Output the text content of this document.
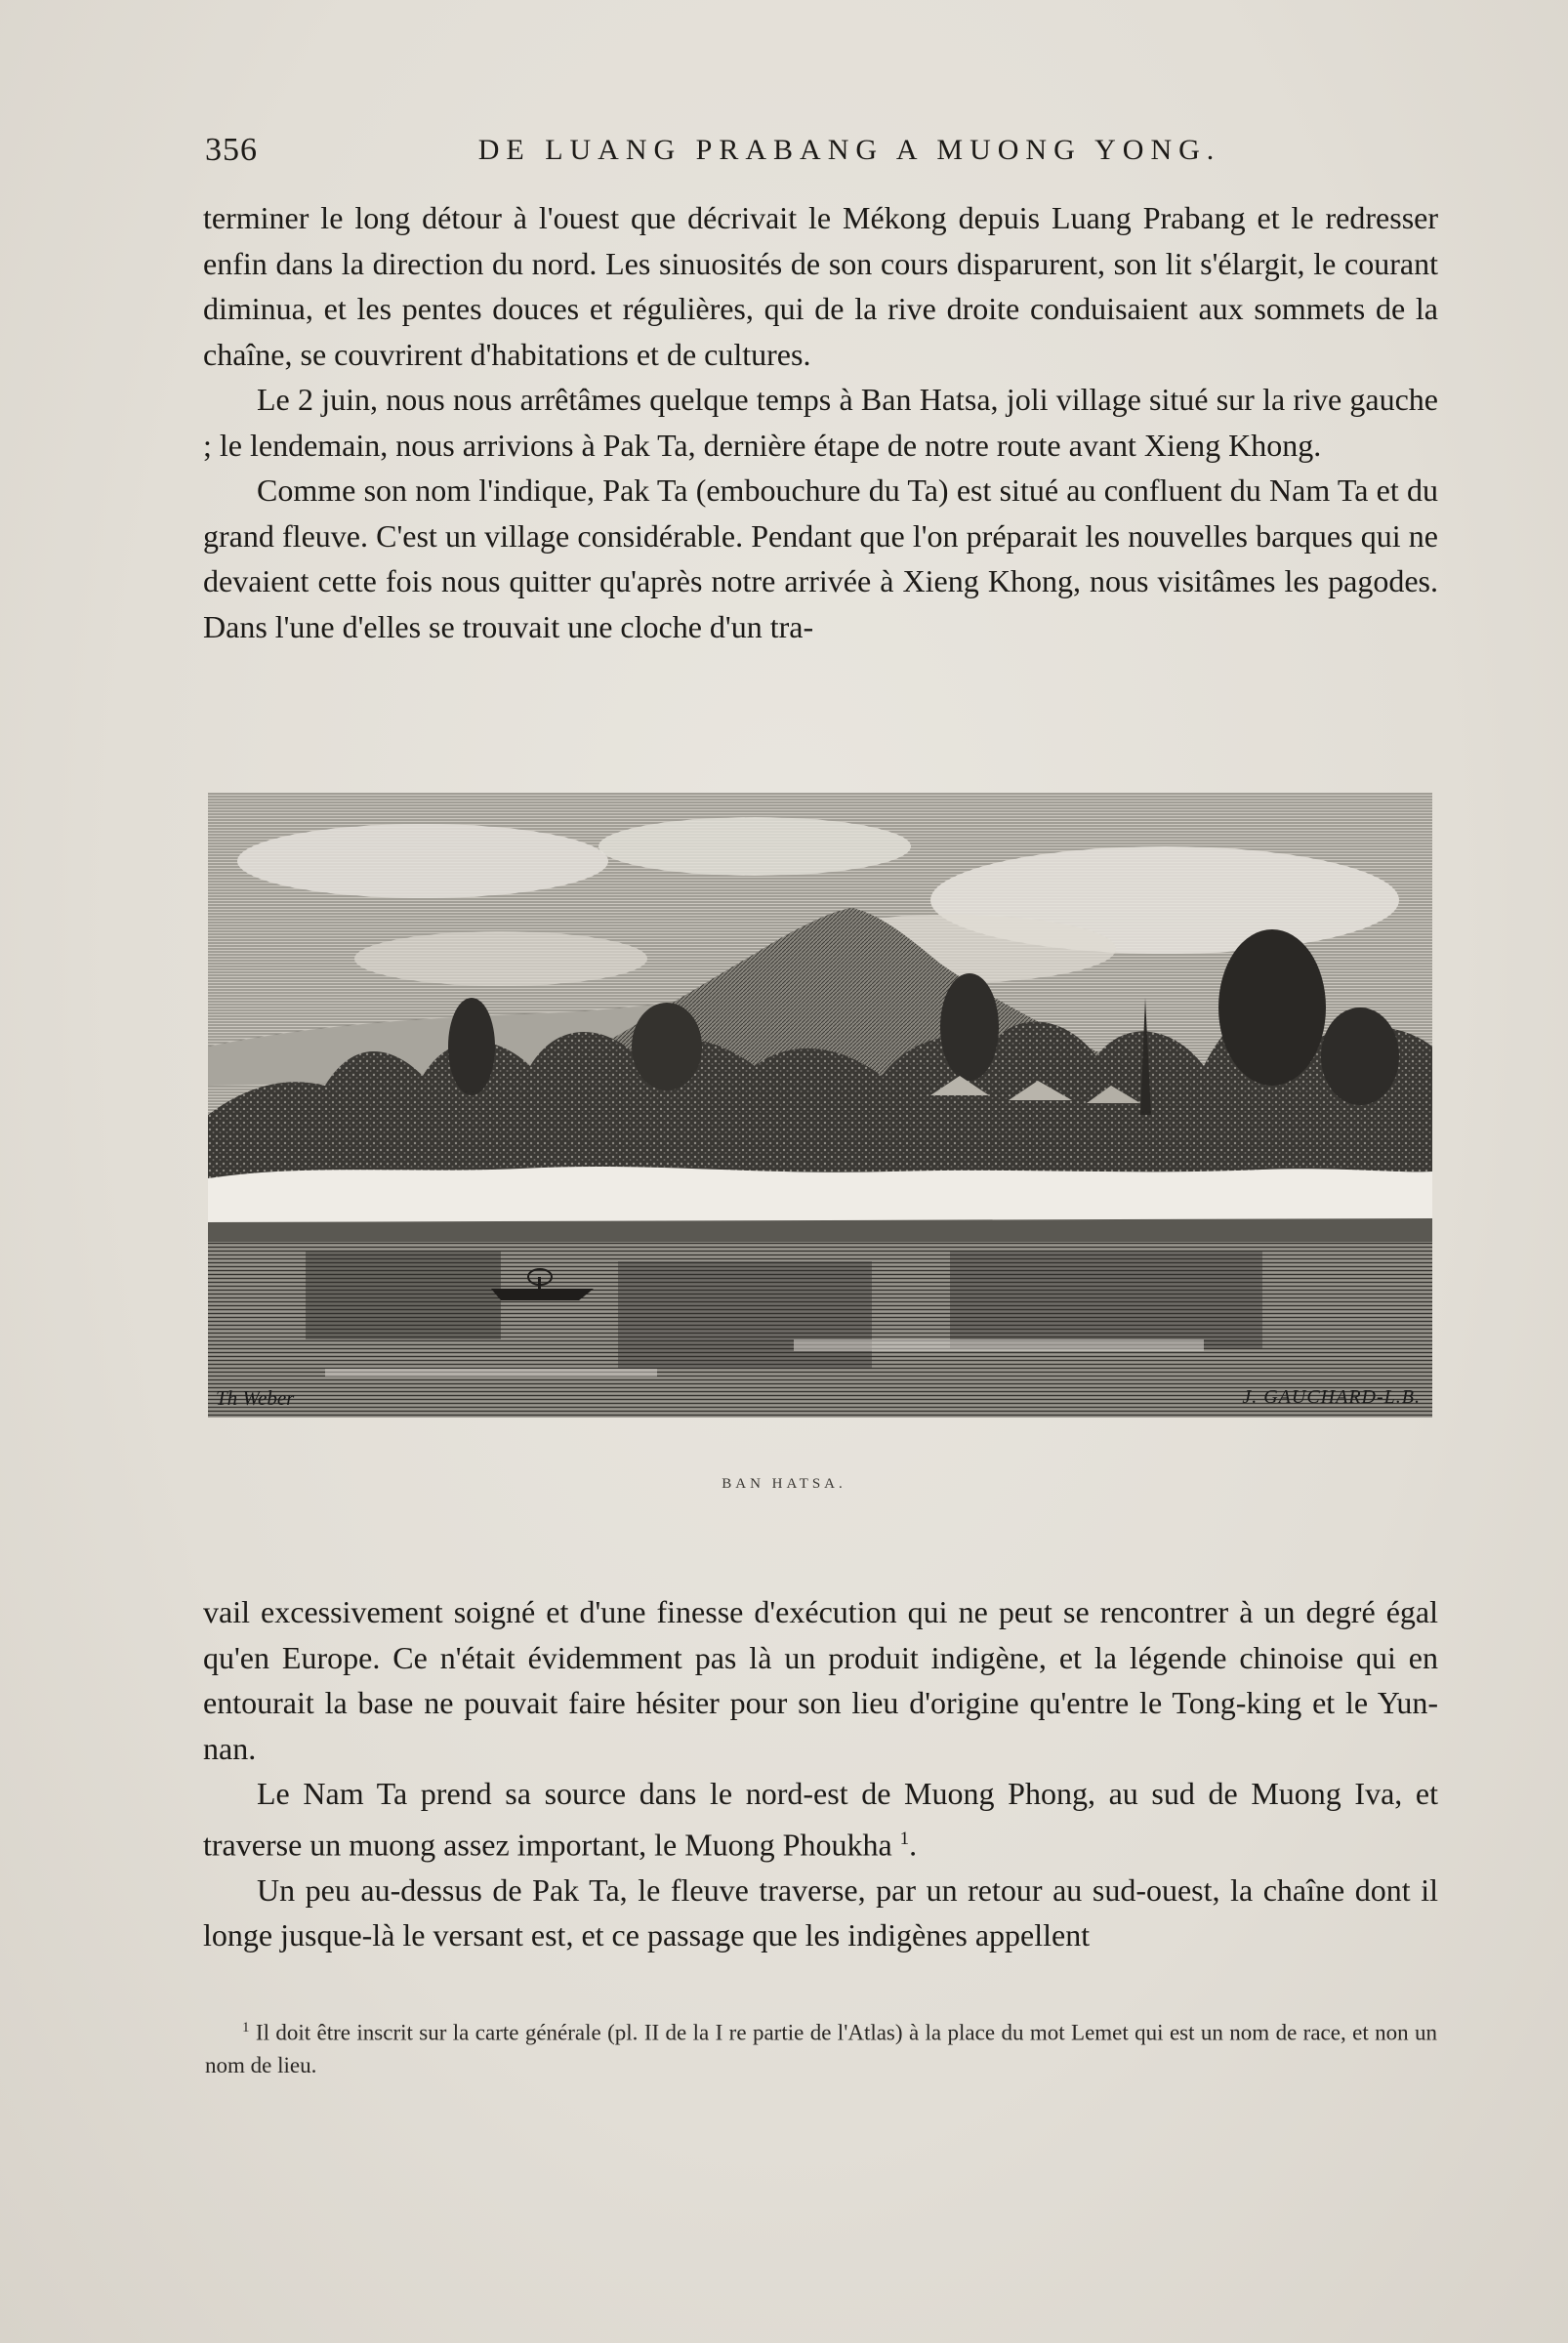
356	DE LUANG PRABANG A MUONG YONG.

terminer le long détour à l'ouest que décrivait le Mékong depuis Luang Prabang et le redresser enfin dans la direction du nord. Les sinuosités de son cours disparurent, son lit s'élargit, le courant diminua, et les pentes douces et régulières, qui de la rive droite conduisaient aux sommets de la chaîne, se couvrirent d'habitations et de cultures.

Le 2 juin, nous nous arrêtâmes quelque temps à Ban Hatsa, joli village situé sur la rive gauche ; le lendemain, nous arrivions à Pak Ta, dernière étape de notre route avant Xieng Khong.

Comme son nom l'indique, Pak Ta (embouchure du Ta) est situé au confluent du Nam Ta et du grand fleuve. C'est un village considérable. Pendant que l'on préparait les nouvelles barques qui ne devaient cette fois nous quitter qu'après notre arrivée à Xieng Khong, nous visitâmes les pagodes. Dans l'une d'elles se trouvait une cloche d'un tra-

Th Weber	J. GAUCHARD-L.B.
BAN HATSA.

vail excessivement soigné et d'une finesse d'exécution qui ne peut se rencontrer à un degré égal qu'en Europe. Ce n'était évidemment pas là un produit indigène, et la légende chinoise qui en entourait la base ne pouvait faire hésiter pour son lieu d'origine qu'entre le Tong-king et le Yun-nan.

Le Nam Ta prend sa source dans le nord-est de Muong Phong, au sud de Muong Iva, et traverse un muong assez important, le Muong Phoukha $^1$.

Un peu au-dessus de Pak Ta, le fleuve traverse, par un retour au sud-ouest, la chaîne dont il longe jusque-là le versant est, et ce passage que les indigènes appellent

$^1$ Il doit être inscrit sur la carte générale (pl. II de la I re partie de l'Atlas) à la place du mot Lemet qui est un nom de race, et non un nom de lieu.
